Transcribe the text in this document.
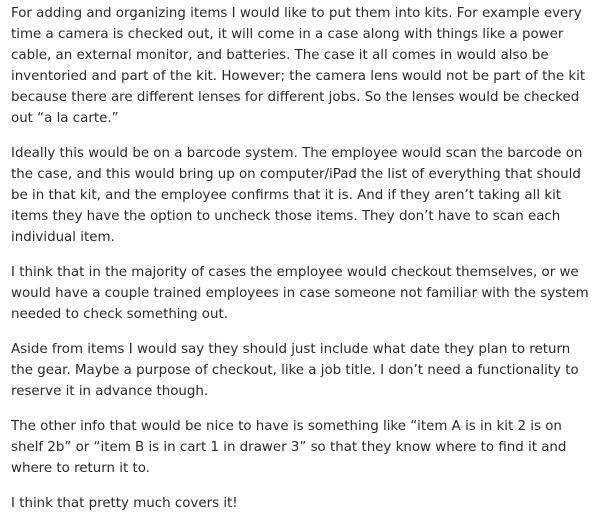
For adding and organizing items I would like to put them into kits. For example every time a camera is checked out, it will come in a case along with things like a power cable, an external monitor, and batteries. The case it all comes in would also be inventoried and part of the kit. However; the camera lens would not be part of the kit because there are different lenses for different jobs. So the lenses would be checked out “a la carte.”

Ideally this would be on a barcode system. The employee would scan the barcode on the case, and this would bring up on computer/iPad the list of everything that should be in that kit, and the employee confirms that it is. And if they aren’t taking all kit items they have the option to uncheck those items. They don’t have to scan each individual item.

I think that in the majority of cases the employee would checkout themselves, or we would have a couple trained employees in case someone not familiar with the system needed to check something out.

Aside from items I would say they should just include what date they plan to return the gear. Maybe a purpose of checkout, like a job title. I don’t need a functionality to reserve it in advance though.

The other info that would be nice to have is something like “item A is in kit 2 is on shelf 2b” or “item B is in cart 1 in drawer 3” so that they know where to find it and where to return it to.

I think that pretty much covers it!
